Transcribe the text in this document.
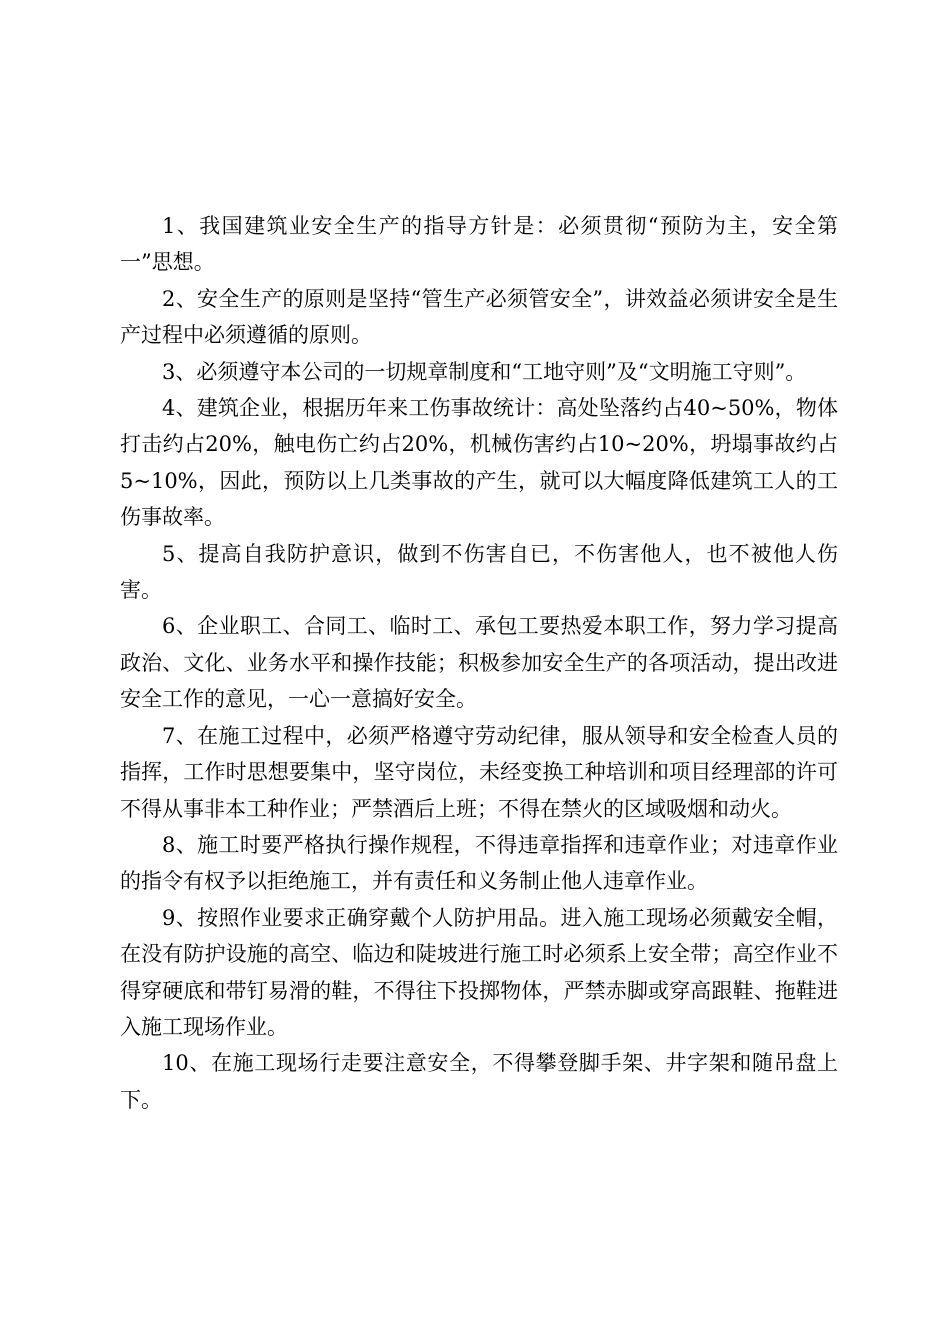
1、我国建筑业安全生产的指导方针是：必须贯彻“预防为主，安全第一”思想。

2、安全生产的原则是坚持“管生产必须管安全”，讲效益必须讲安全是生产过程中必须遵循的原则。

3、必须遵守本公司的一切规章制度和“工地守则”及“文明施工守则”。

4、建筑企业，根据历年来工伤事故统计：高处坠落约占40~50%，物体打击约占20%，触电伤亡约占20%，机械伤害约占10~20%，坍塌事故约占5~10%，因此，预防以上几类事故的产生，就可以大幅度降低建筑工人的工伤事故率。

5、提高自我防护意识，做到不伤害自已，不伤害他人，也不被他人伤害。

6、企业职工、合同工、临时工、承包工要热爱本职工作，努力学习提高政治、文化、业务水平和操作技能；积极参加安全生产的各项活动，提出改进安全工作的意见，一心一意搞好安全。

7、在施工过程中，必须严格遵守劳动纪律，服从领导和安全检查人员的指挥，工作时思想要集中，坚守岗位，未经变换工种培训和项目经理部的许可不得从事非本工种作业；严禁酒后上班；不得在禁火的区域吸烟和动火。

8、施工时要严格执行操作规程，不得违章指挥和违章作业；对违章作业的指令有权予以拒绝施工，并有责任和义务制止他人违章作业。

9、按照作业要求正确穿戴个人防护用品。进入施工现场必须戴安全帽，在没有防护设施的高空、临边和陡坡进行施工时必须系上安全带；高空作业不得穿硬底和带钉易滑的鞋，不得往下投掷物体，严禁赤脚或穿高跟鞋、拖鞋进入施工现场作业。

10、在施工现场行走要注意安全，不得攀登脚手架、井字架和随吊盘上下。
